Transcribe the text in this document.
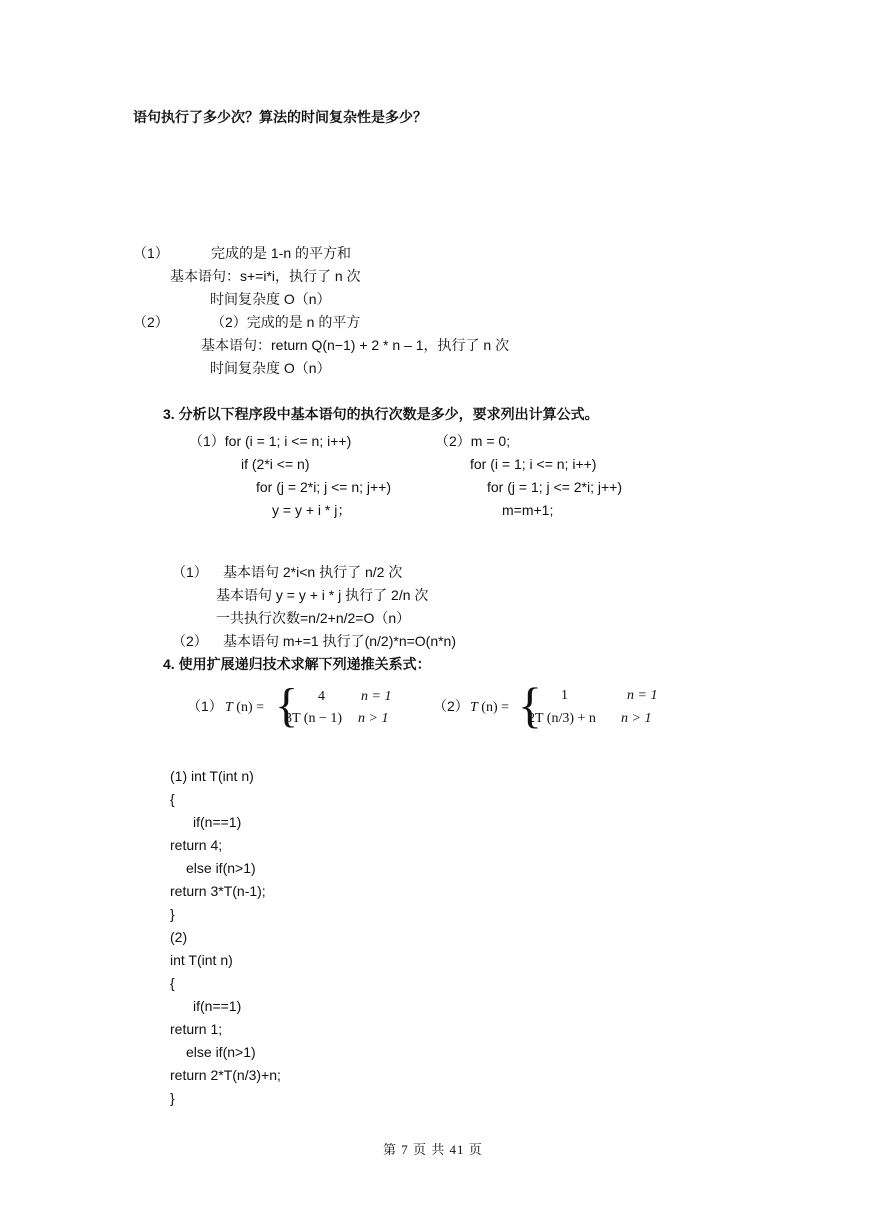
语句执行了多少次？算法的时间复杂性是多少？
（1）	完成的是 1-n 的平方和
基本语句：s+=i*i，执行了 n 次
时间复杂度 O（n）
（2）	（2）完成的是 n 的平方
基本语句：return Q(n−1) + 2 * n – 1，执行了 n 次
时间复杂度 O（n）
3. 分析以下程序段中基本语句的执行次数是多少，要求列出计算公式。
（1）for (i = 1; i <= n; i++)
if (2*i <= n)
for (j = 2*i; j <= n; j++)
y = y + i * j；
（2）m = 0;
for (i = 1; i <= n; i++)
for (j = 1; j <= 2*i; j++)
m=m+1;
（1） 基本语句 2*i<n 执行了 n/2 次
基本语句 y = y + i * j 执行了 2/n 次
一共执行次数=n/2+n/2=O（n）
（2） 基本语句 m+=1 执行了(n/2)*n=O(n*n)
4. 使用扩展递归技术求解下列递推关系式：
（1） T (n) = { 4	n = 1
3T (n − 1) n > 1
（2） T (n) = { 1	n = 1
2T (n/3) + n n > 1
(1) int T(int n)
{
if(n==1)
return 4;
else if(n>1)
return 3*T(n-1);
}
(2)
int T(int n)
{
if(n==1)
return 1;
else if(n>1)
return 2*T(n/3)+n;
}
第 7 页 共 41 页
